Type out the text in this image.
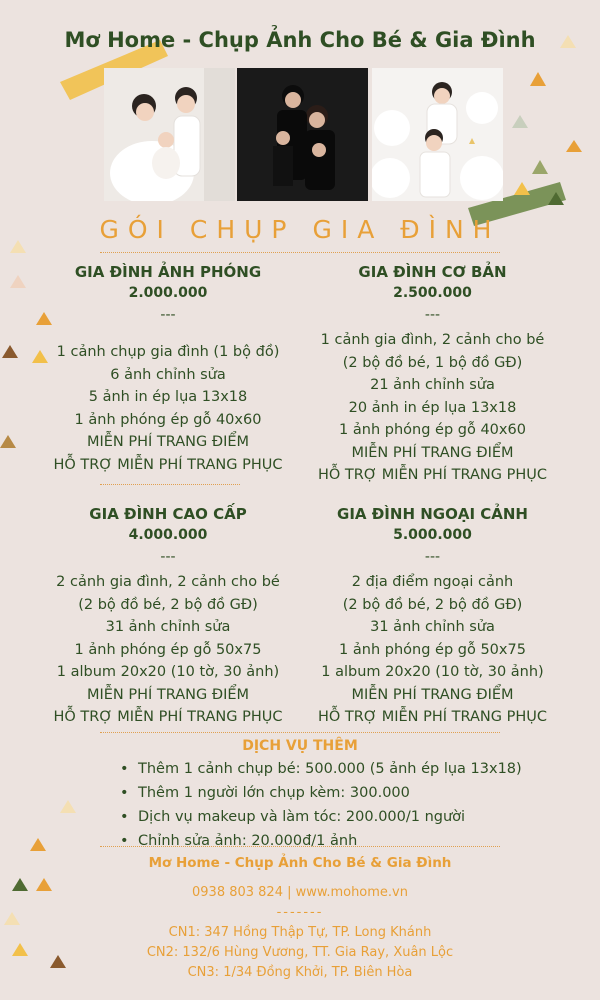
Mơ Home - Chụp Ảnh Cho Bé & Gia Đình
GÓI CHỤP GIA ĐÌNH
GIA ĐÌNH ẢNH PHÓNG
2.000.000
---
1 cảnh chụp gia đình (1 bộ đồ)
6 ảnh chỉnh sửa
5 ảnh in ép lụa 13x18
1 ảnh phóng ép gỗ 40x60
MIỄN PHÍ TRANG ĐIỂM
HỖ TRỢ MIỄN PHÍ TRANG PHỤC
GIA ĐÌNH CƠ BẢN
2.500.000
---
1 cảnh gia đình, 2 cảnh cho bé
(2 bộ đồ bé, 1 bộ đồ GĐ)
21 ảnh chỉnh sửa
20 ảnh in ép lụa 13x18
1 ảnh phóng ép gỗ 40x60
MIỄN PHÍ TRANG ĐIỂM
HỖ TRỢ MIỄN PHÍ TRANG PHỤC
GIA ĐÌNH CAO CẤP
4.000.000
---
2 cảnh gia đình, 2 cảnh cho bé
(2 bộ đồ bé, 2 bộ đồ GĐ)
31 ảnh chỉnh sửa
1 ảnh phóng ép gỗ 50x75
1 album 20x20 (10 tờ, 30 ảnh)
MIỄN PHÍ TRANG ĐIỂM
HỖ TRỢ MIỄN PHÍ TRANG PHỤC
GIA ĐÌNH NGOẠI CẢNH
5.000.000
---
2 địa điểm ngoại cảnh
(2 bộ đồ bé, 2 bộ đồ GĐ)
31 ảnh chỉnh sửa
1 ảnh phóng ép gỗ 50x75
1 album 20x20 (10 tờ, 30 ảnh)
MIỄN PHÍ TRANG ĐIỂM
HỖ TRỢ MIỄN PHÍ TRANG PHỤC
DỊCH VỤ THÊM
• Thêm 1 cảnh chụp bé: 500.000 (5 ảnh ép lụa 13x18)
• Thêm 1 người lớn chụp kèm: 300.000
• Dịch vụ makeup và làm tóc: 200.000/1 người
• Chỉnh sửa ảnh: 20.000đ/1 ảnh
Mơ Home - Chụp Ảnh Cho Bé & Gia Đình
0938 803 824 | www.mohome.vn
-------
CN1: 347 Hồng Thập Tự, TP. Long Khánh
CN2: 132/6 Hùng Vương, TT. Gia Ray, Xuân Lộc
CN3: 1/34 Đồng Khởi, TP. Biên Hòa
